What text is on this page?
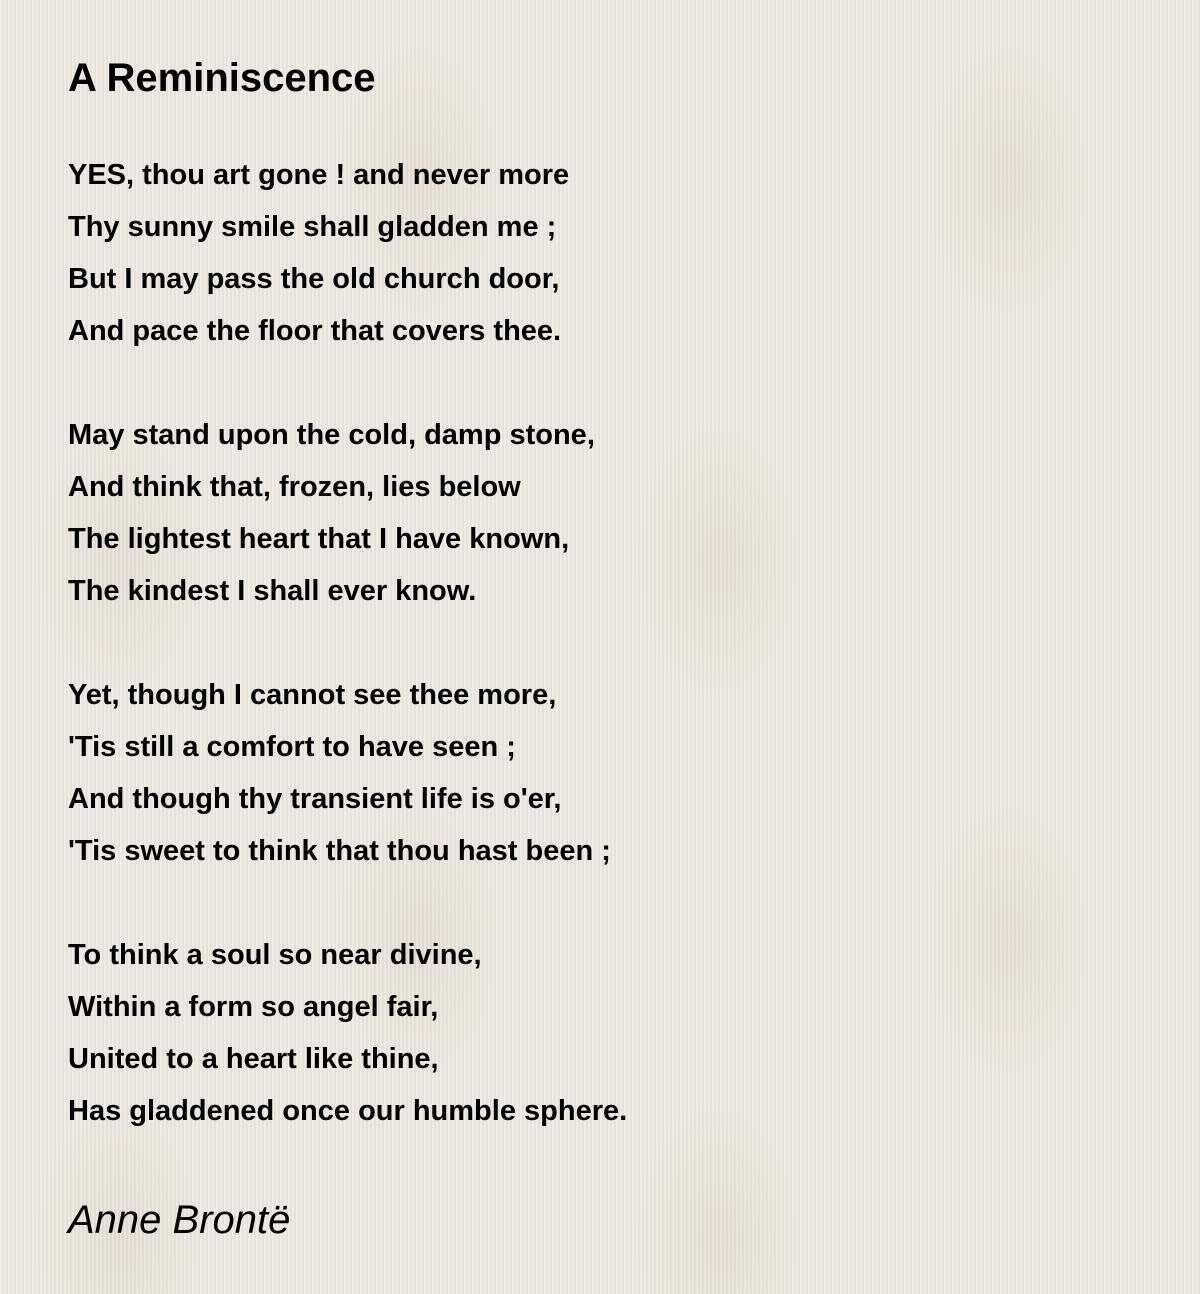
A Reminiscence
YES, thou art gone ! and never more
Thy sunny smile shall gladden me ;
But I may pass the old church door,
And pace the floor that covers thee.
May stand upon the cold, damp stone,
And think that, frozen, lies below
The lightest heart that I have known,
The kindest I shall ever know.
Yet, though I cannot see thee more,
'Tis still a comfort to have seen ;
And though thy transient life is o'er,
'Tis sweet to think that thou hast been ;
To think a soul so near divine,
Within a form so angel fair,
United to a heart like thine,
Has gladdened once our humble sphere.

Anne Brontë
